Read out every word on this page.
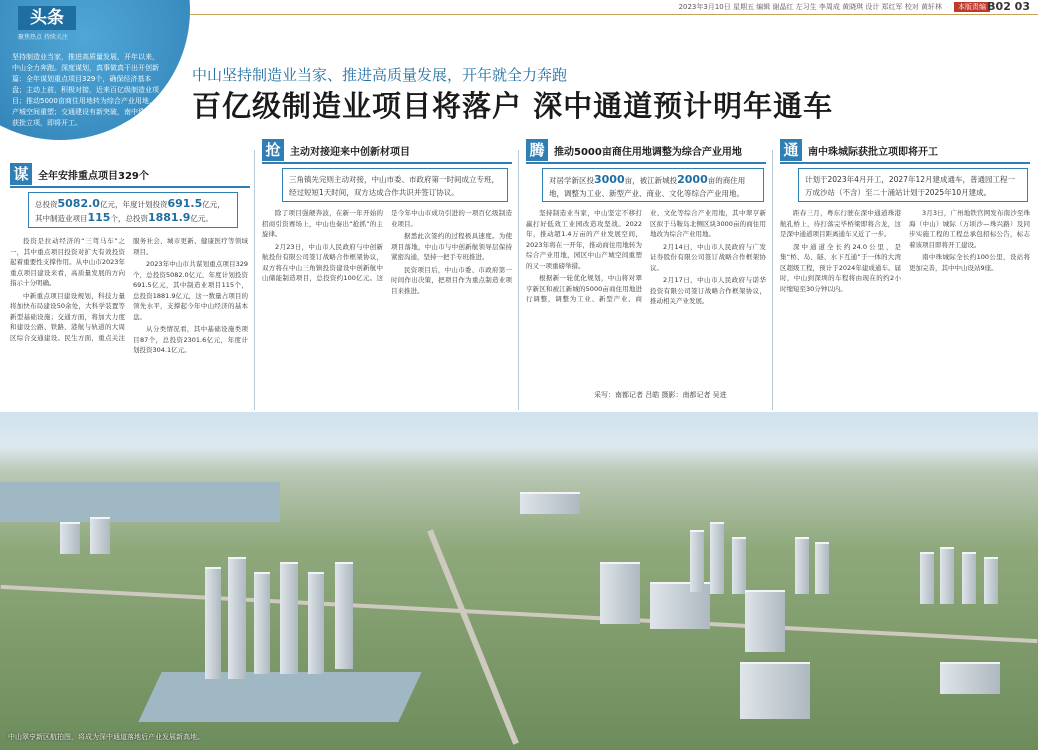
2023年3月10日 星期五 编辑 谢晶红 左习生 李周成 黄晓琪 设计 郑红军 校对 黄轩林	本版责编 B02 03
头条
聚焦热点 持续关注
坚持制造业当家，推进高质量发展，开年以来，中山全力奔跑。深度谋划，真事做真干出开创新篇：全年谋划重点项目329个，确保经济基本盘；主动上前，积极对接，近来百亿级制造业项目；推动5000亩商住用地转为综合产业用地，产城空间重塑；交通建设有新突破，南中珠城际获批立项，即将开工。
中山坚持制造业当家、推进高质量发展，开年就全力奔跑
百亿级制造业项目将落户 深中通道预计明年通车
谋 全年安排重点项目329个
总投资5082.0亿元，年度计划投资691.5亿元，其中制造业项目115个，总投资1881.9亿元。

投资是拉动经济的“三驾马车”之一，其中重点项目投资对扩大有效投资起着重要性支撑作用。从中山市2023年重点项目建设来看，高质量发展的方向指示十分明确。

中新重点项目建设规划，科技力量将加快布局建设50余处，大科学装置等新型基础设施；交通方面，将加大力度和建设公路、铁路、港航与轨道的大周区综合交通建设。民生方面，重点关注服务社会、城市更新、健康医疗等领域项目。

2023年中山市共谋划重点项目329个，总投资5082.0亿元，年度计划投资691.5亿元，其中制造业项目115个，总投资1881.9亿元，这一数量占项目的领先水平，支撑起今年中山经济的基本盘。

从分类情况看，其中基础设施类项目87个，总投资2301.6亿元，年度计划投资304.1亿元。

抢 主动对接迎来中创新材项目
三角镇先完则主动对接，中山市委、市政府第一时间成立专班，经过短短1天时间，双方达成合作共识并签订协议。

除了项目强硬奔波，在新一年开始的招商引资赛场上，中山也奏出“抢抓”的主旋律。

2月23日，中山市人民政府与中创新航投份有限公司签订战略合作框架协议，双方将在中山三角镇投资建设中创新航中山储能制造项目，总投资约100亿元。这是今年中山市成功引进的一项百亿级制造业项目。

据悉此次签约的过程极具速度。为使项目落地，中山市与中创新航领导层保持紧密沟通，坚持一把手专班推进。

民资项目后，中山市委、市政府第一时间作出决策，把项目作为重点制造业项目来推进。

腾 推动5000亩商住用地调整为综合产业用地
对居学新区投3000亩，被江新城投2000亩的商住用地，调整为工业、新型产业、商业、文化等综合产业用地。

坚持制造业当家，中山坚定不移打赢打好低效工业园改造攻坚战。2022年，推动超1.4万亩的产业发展空间，2023年将在一开年，推动商住用地转为综合产业用地，园区中山产城空间重塑的又一项重磅举措。

根据新一轮优化规划，中山将对翠亨新区和被江新城的5000亩商住用地进行调整，调整为工业、新型产业、商业、文化等综合产业用地，其中翠亨新区拟于马鞍岛北侧区块3000亩的商住用地改为综合产业用地。

2月14日，中山市人民政府与广发证券股份有限公司签订战略合作框架协议。

2月17日，中山市人民政府与诺华投资有限公司签订战略合作框架协议，推动相关产业发展。

采写：南都记者 吕皓 摄影：南都记者 吴进
通 南中珠城际获批立项即将开工
计划于2023年4月开工，2027年12月建成通车，普通园工程一万成沙站（不含）至二十涌站计划于2025年10月建成。

距春三月，粤东行驶在深中通道珠港航孔桥上，待打落完毕桥梁即将合龙，这是深中通道项目距离通车又近了一步。

深中通道全长约24.0公里，是集“桥、岛、隧、水下互通”于一体的大湾区超级工程，预计于2024年建成通车。届时，中山到深圳的车程将由现在的约2小时缩短至30分钟以内。

3月3日，广州地铁官网发布南沙至珠海（中山）城际（万顷沙—珠兴路）及同步实施工程的工程总承包招标公告，标志着该项目即将开工建设。

南中珠城际全长约100公里，设站将更加完善，其中中山设站9座。

中山翠亨新区航拍图，将成为深中通道落地后产业发展新高地。
